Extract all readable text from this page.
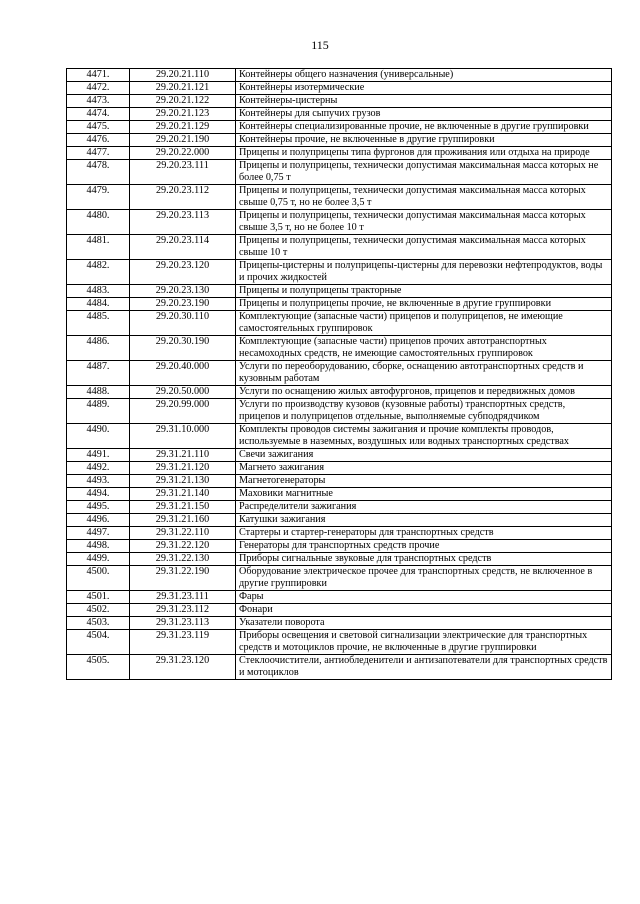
115
4471.	29.20.21.110	Контейнеры общего назначения (универсальные)
4472.	29.20.21.121	Контейнеры изотермические
4473.	29.20.21.122	Контейнеры-цистерны
4474.	29.20.21.123	Контейнеры для сыпучих грузов
4475.	29.20.21.129	Контейнеры специализированные прочие, не включенные в другие группировки
4476.	29.20.21.190	Контейнеры прочие, не включенные в другие группировки
4477.	29.20.22.000	Прицепы и полуприцепы типа фургонов для проживания или отдыха на природе
4478.	29.20.23.111	Прицепы и полуприцепы, технически допустимая максимальная масса которых не более 0,75 т
4479.	29.20.23.112	Прицепы и полуприцепы, технически допустимая максимальная масса которых свыше 0,75 т, но не более 3,5 т
4480.	29.20.23.113	Прицепы и полуприцепы, технически допустимая максимальная масса которых свыше 3,5 т, но не более 10 т
4481.	29.20.23.114	Прицепы и полуприцепы, технически допустимая максимальная масса которых свыше 10 т
4482.	29.20.23.120	Прицепы-цистерны и полуприцепы-цистерны для перевозки нефтепродуктов, воды и прочих жидкостей
4483.	29.20.23.130	Прицепы и полуприцепы тракторные
4484.	29.20.23.190	Прицепы и полуприцепы прочие, не включенные в другие группировки
4485.	29.20.30.110	Комплектующие (запасные части) прицепов и полуприцепов, не имеющие самостоятельных группировок
4486.	29.20.30.190	Комплектующие (запасные части) прицепов прочих автотранспортных несамоходных средств, не имеющие самостоятельных группировок
4487.	29.20.40.000	Услуги по переоборудованию, сборке, оснащению автотранспортных средств и кузовным работам
4488.	29.20.50.000	Услуги по оснащению жилых автофургонов, прицепов и передвижных домов
4489.	29.20.99.000	Услуги по производству кузовов (кузовные работы) транспортных средств, прицепов и полуприцепов отдельные, выполняемые субподрядчиком
4490.	29.31.10.000	Комплекты проводов системы зажигания и прочие комплекты проводов, используемые в наземных, воздушных или водных транспортных средствах
4491.	29.31.21.110	Свечи зажигания
4492.	29.31.21.120	Магнето зажигания
4493.	29.31.21.130	Магнетогенераторы
4494.	29.31.21.140	Маховики магнитные
4495.	29.31.21.150	Распределители зажигания
4496.	29.31.21.160	Катушки зажигания
4497.	29.31.22.110	Стартеры и стартер-генераторы для транспортных средств
4498.	29.31.22.120	Генераторы для транспортных средств прочие
4499.	29.31.22.130	Приборы сигнальные звуковые для транспортных средств
4500.	29.31.22.190	Оборудование электрическое прочее для транспортных средств, не включенное в другие группировки
4501.	29.31.23.111	Фары
4502.	29.31.23.112	Фонари
4503.	29.31.23.113	Указатели поворота
4504.	29.31.23.119	Приборы освещения и световой сигнализации электрические для транспортных средств и мотоциклов прочие, не включенные в другие группировки
4505.	29.31.23.120	Стеклоочистители, антиобледенители и антизапотеватели для транспортных средств и мотоциклов
